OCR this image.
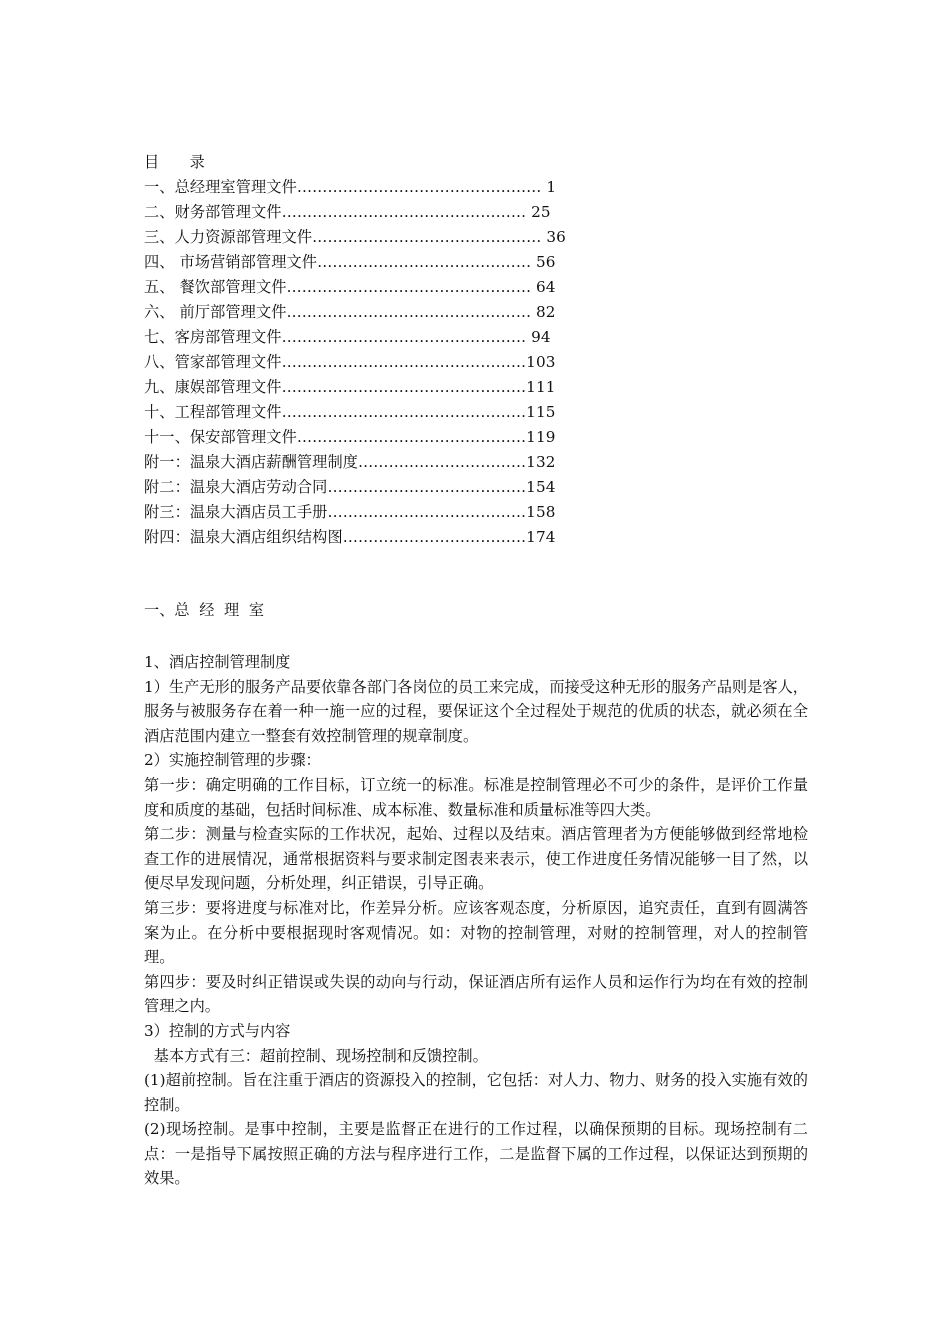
目　　录
一、总经理室管理文件………………………………………… 1
二、财务部管理文件………………………………………… 25
三、人力资源部管理文件……………………………………… 36
四、 市场营销部管理文件…………………………………… 56
五、 餐饮部管理文件………………………………………… 64
六、 前厅部管理文件………………………………………… 82
七、客房部管理文件………………………………………… 94
八、管家部管理文件…………………………………………103
九、康娱部管理文件…………………………………………111
十、工程部管理文件…………………………………………115
十一、保安部管理文件………………………………………119
附一：温泉大酒店薪酬管理制度……………………………132
附二：温泉大酒店劳动合同…………………………………154
附三：温泉大酒店员工手册…………………………………158
附四：温泉大酒店组织结构图………………………………174
一、总  经  理  室

1、酒店控制管理制度

1）生产无形的服务产品要依靠各部门各岗位的员工来完成，而接受这种无形的服务产品则是客人，服务与被服务存在着一种一施一应的过程，要保证这个全过程处于规范的优质的状态，就必须在全酒店范围内建立一整套有效控制管理的规章制度。

2）实施控制管理的步骤：

第一步：确定明确的工作目标，订立统一的标准。标准是控制管理必不可少的条件，是评价工作量度和质度的基础，包括时间标准、成本标准、数量标准和质量标准等四大类。

第二步：测量与检查实际的工作状况，起始、过程以及结束。酒店管理者为方便能够做到经常地检查工作的进展情况，通常根据资料与要求制定图表来表示，使工作进度任务情况能够一目了然，以便尽早发现问题，分析处理，纠正错误，引导正确。

第三步：要将进度与标准对比，作差异分析。应该客观态度，分析原因，追究责任，直到有圆满答案为止。在分析中要根据现时客观情况。如：对物的控制管理，对财的控制管理，对人的控制管理。

第四步：要及时纠正错误或失误的动向与行动，保证酒店所有运作人员和运作行为均在有效的控制管理之内。

3）控制的方式与内容

基本方式有三：超前控制、现场控制和反馈控制。

(1)超前控制。旨在注重于酒店的资源投入的控制，它包括：对人力、物力、财务的投入实施有效的控制。

(2)现场控制。是事中控制，主要是监督正在进行的工作过程，以确保预期的目标。现场控制有二点：一是指导下属按照正确的方法与程序进行工作，二是监督下属的工作过程，以保证达到预期的效果。
